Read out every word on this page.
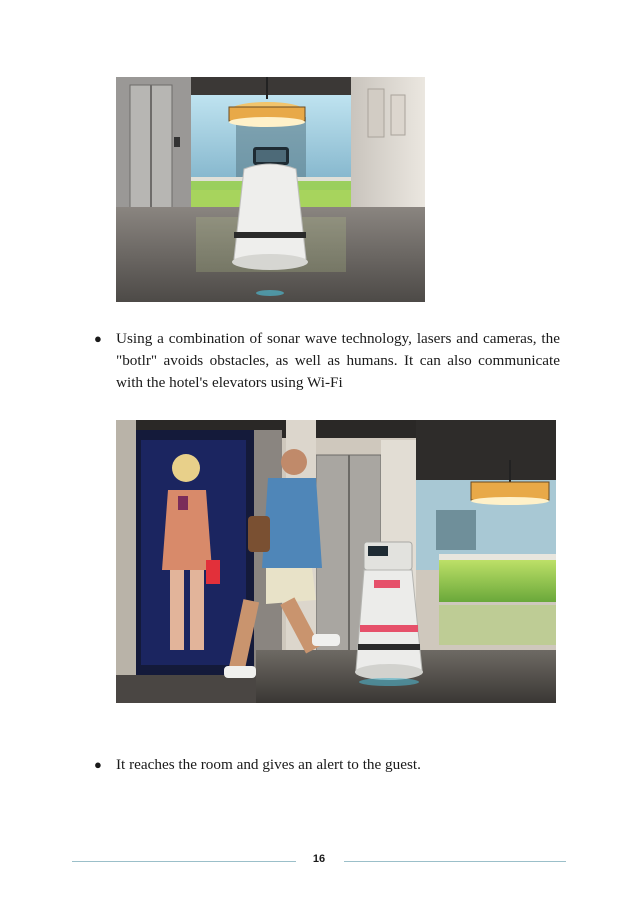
● Using a combination of sonar wave technology, lasers and cameras, the "botlr" avoids obstacles, as well as humans. It can also communicate with the hotel's elevators using Wi-Fi
● It reaches the room and gives an alert to the guest.
16
